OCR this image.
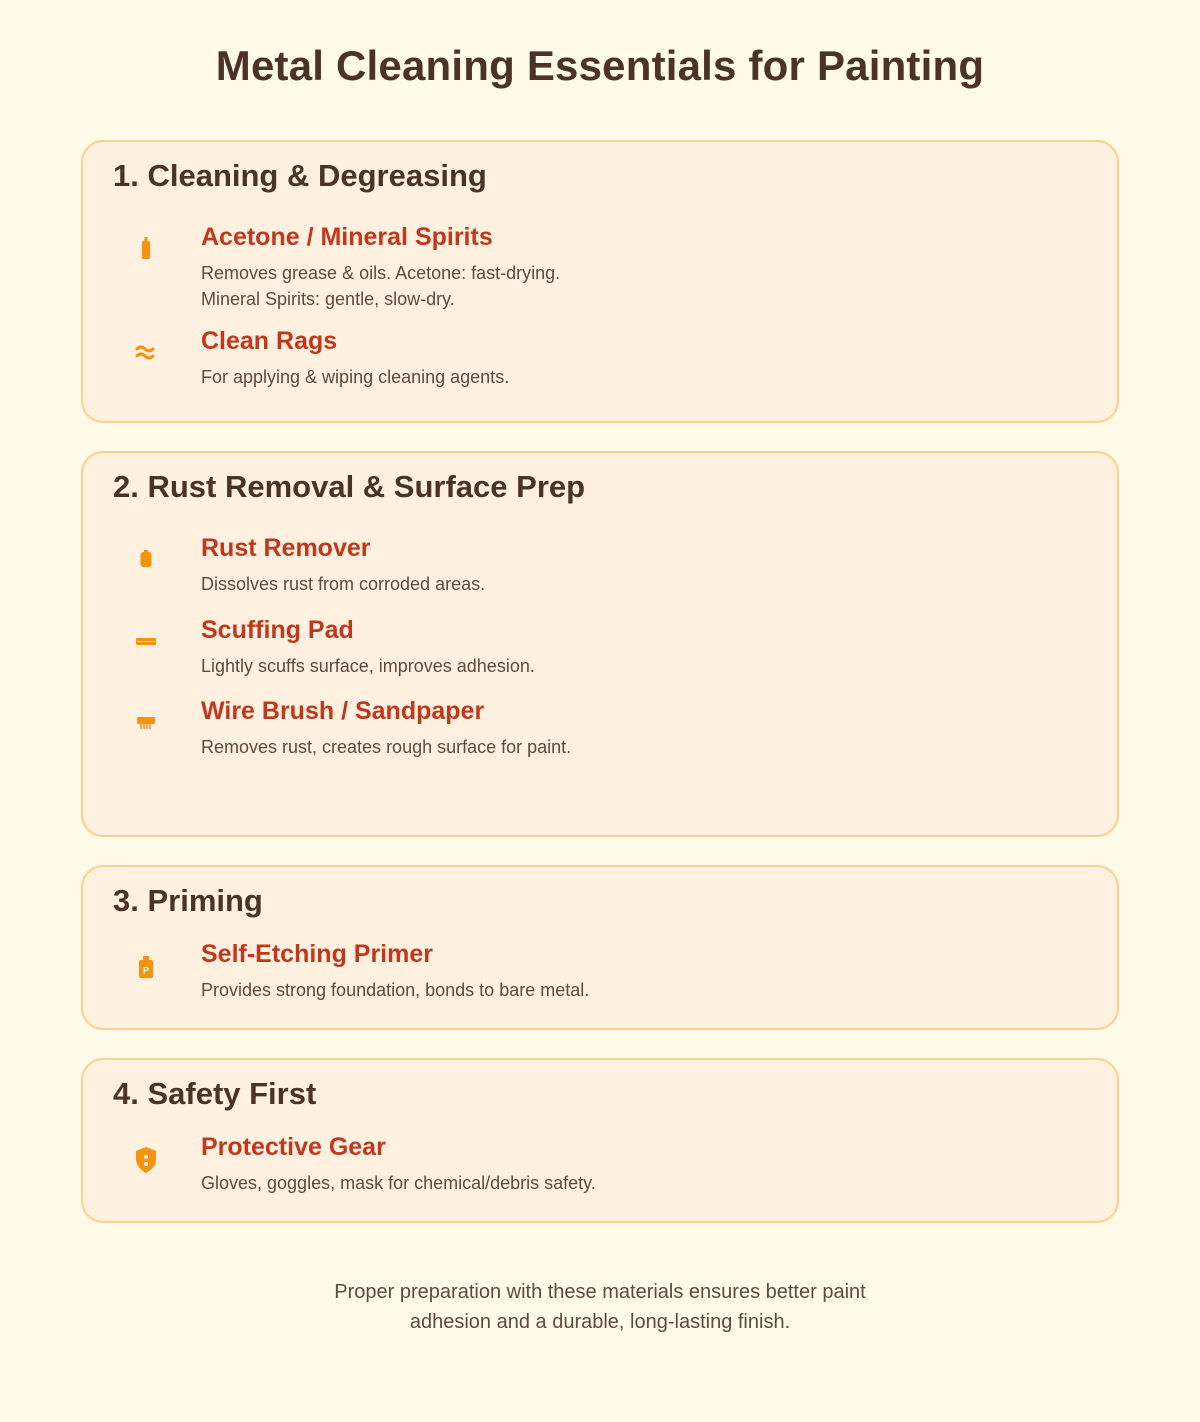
Metal Cleaning Essentials for Painting
1. Cleaning & Degreasing
Acetone / Mineral Spirits
Removes grease & oils. Acetone: fast-drying.
Mineral Spirits: gentle, slow-dry.
Clean Rags
For applying & wiping cleaning agents.
2. Rust Removal & Surface Prep
Rust Remover
Dissolves rust from corroded areas.
Scuffing Pad
Lightly scuffs surface, improves adhesion.
Wire Brush / Sandpaper
Removes rust, creates rough surface for paint.
3. Priming
P
Self-Etching Primer
Provides strong foundation, bonds to bare metal.
4. Safety First
Protective Gear
Gloves, goggles, mask for chemical/debris safety.
Proper preparation with these materials ensures better paint
adhesion and a durable, long-lasting finish.
